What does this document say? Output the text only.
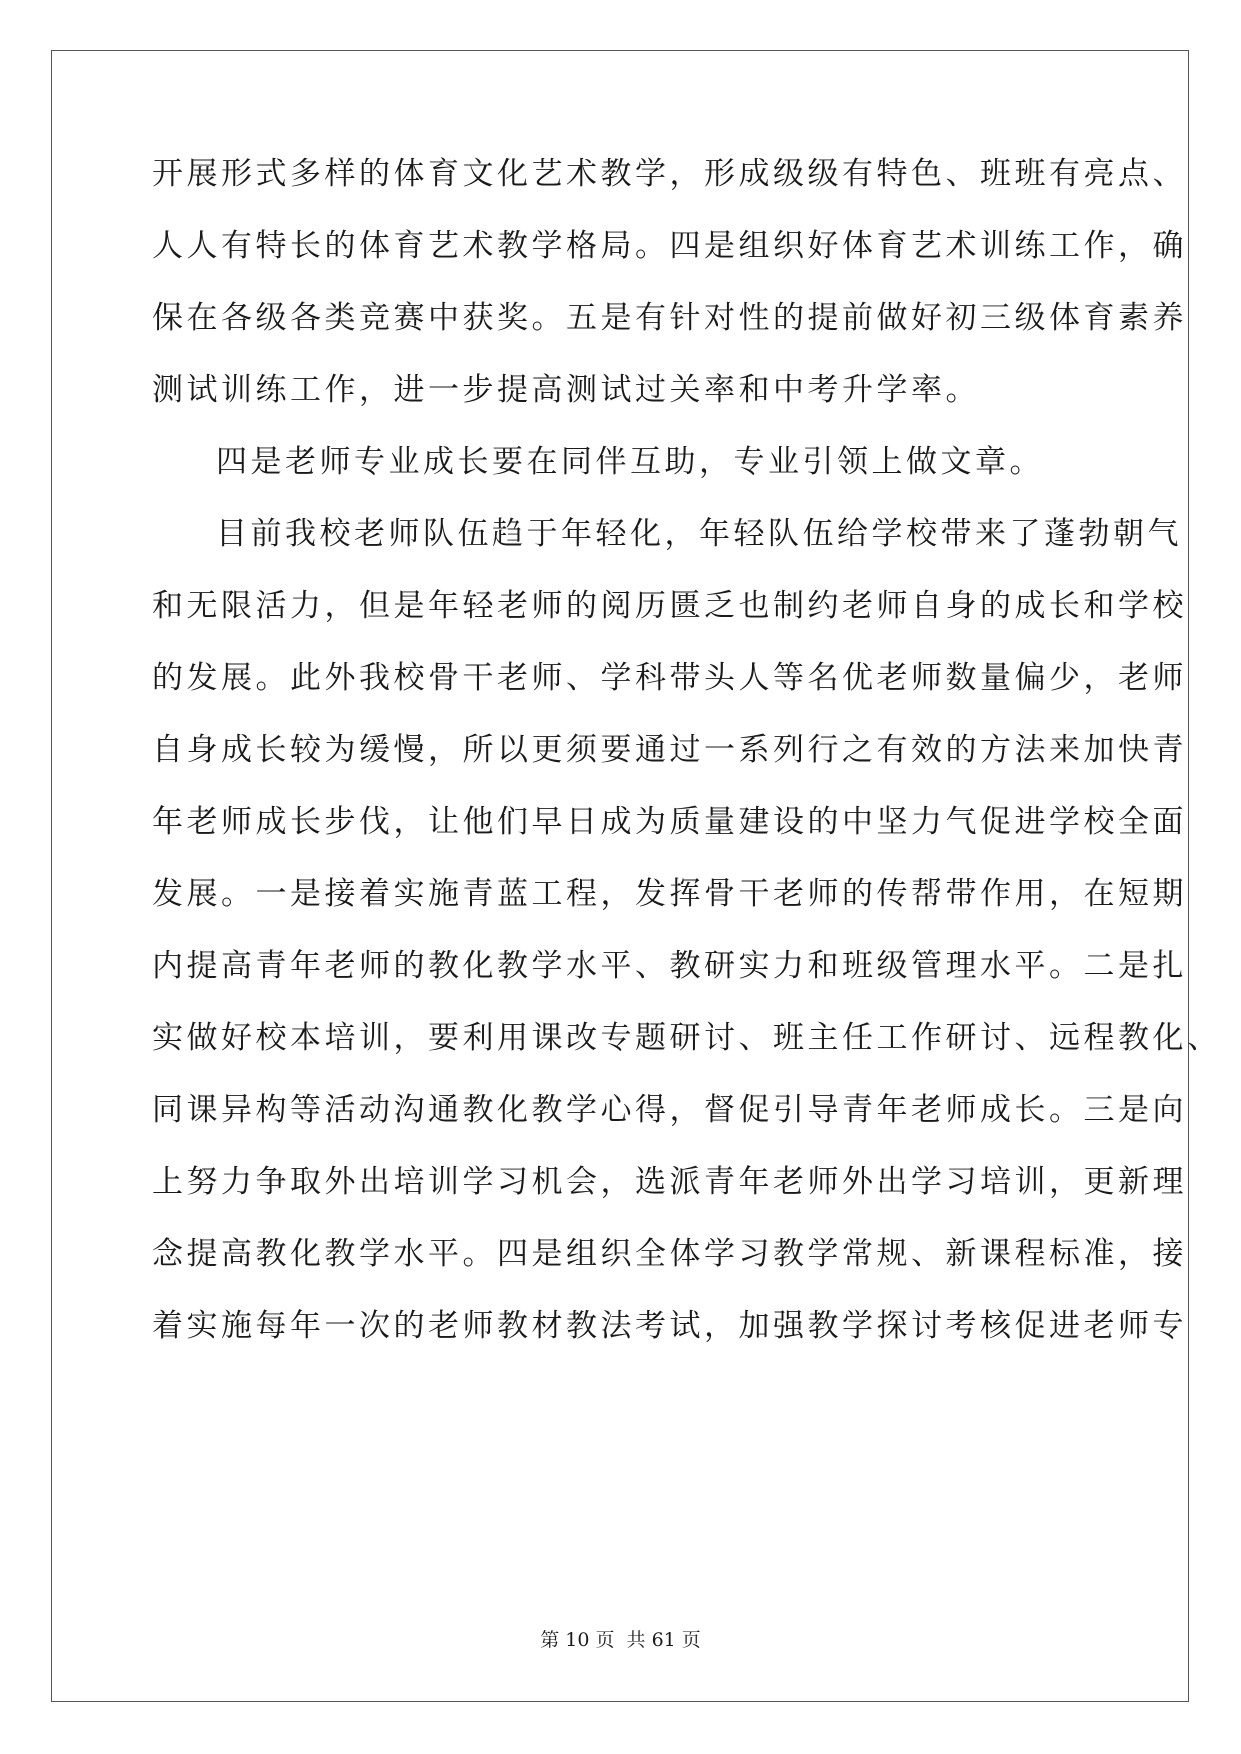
开展形式多样的体育文化艺术教学，形成级级有特色、班班有亮点、
人人有特长的体育艺术教学格局。四是组织好体育艺术训练工作，确
保在各级各类竞赛中获奖。五是有针对性的提前做好初三级体育素养
测试训练工作，进一步提高测试过关率和中考升学率。
四是老师专业成长要在同伴互助，专业引领上做文章。
目前我校老师队伍趋于年轻化，年轻队伍给学校带来了蓬勃朝气
和无限活力，但是年轻老师的阅历匮乏也制约老师自身的成长和学校
的发展。此外我校骨干老师、学科带头人等名优老师数量偏少，老师
自身成长较为缓慢，所以更须要通过一系列行之有效的方法来加快青
年老师成长步伐，让他们早日成为质量建设的中坚力气促进学校全面
发展。一是接着实施青蓝工程，发挥骨干老师的传帮带作用，在短期
内提高青年老师的教化教学水平、教研实力和班级管理水平。二是扎
实做好校本培训，要利用课改专题研讨、班主任工作研讨、远程教化、
同课异构等活动沟通教化教学心得，督促引导青年老师成长。三是向
上努力争取外出培训学习机会，选派青年老师外出学习培训，更新理
念提高教化教学水平。四是组织全体学习教学常规、新课程标准，接
着实施每年一次的老师教材教法考试，加强教学探讨考核促进老师专
第 10 页  共 61 页
